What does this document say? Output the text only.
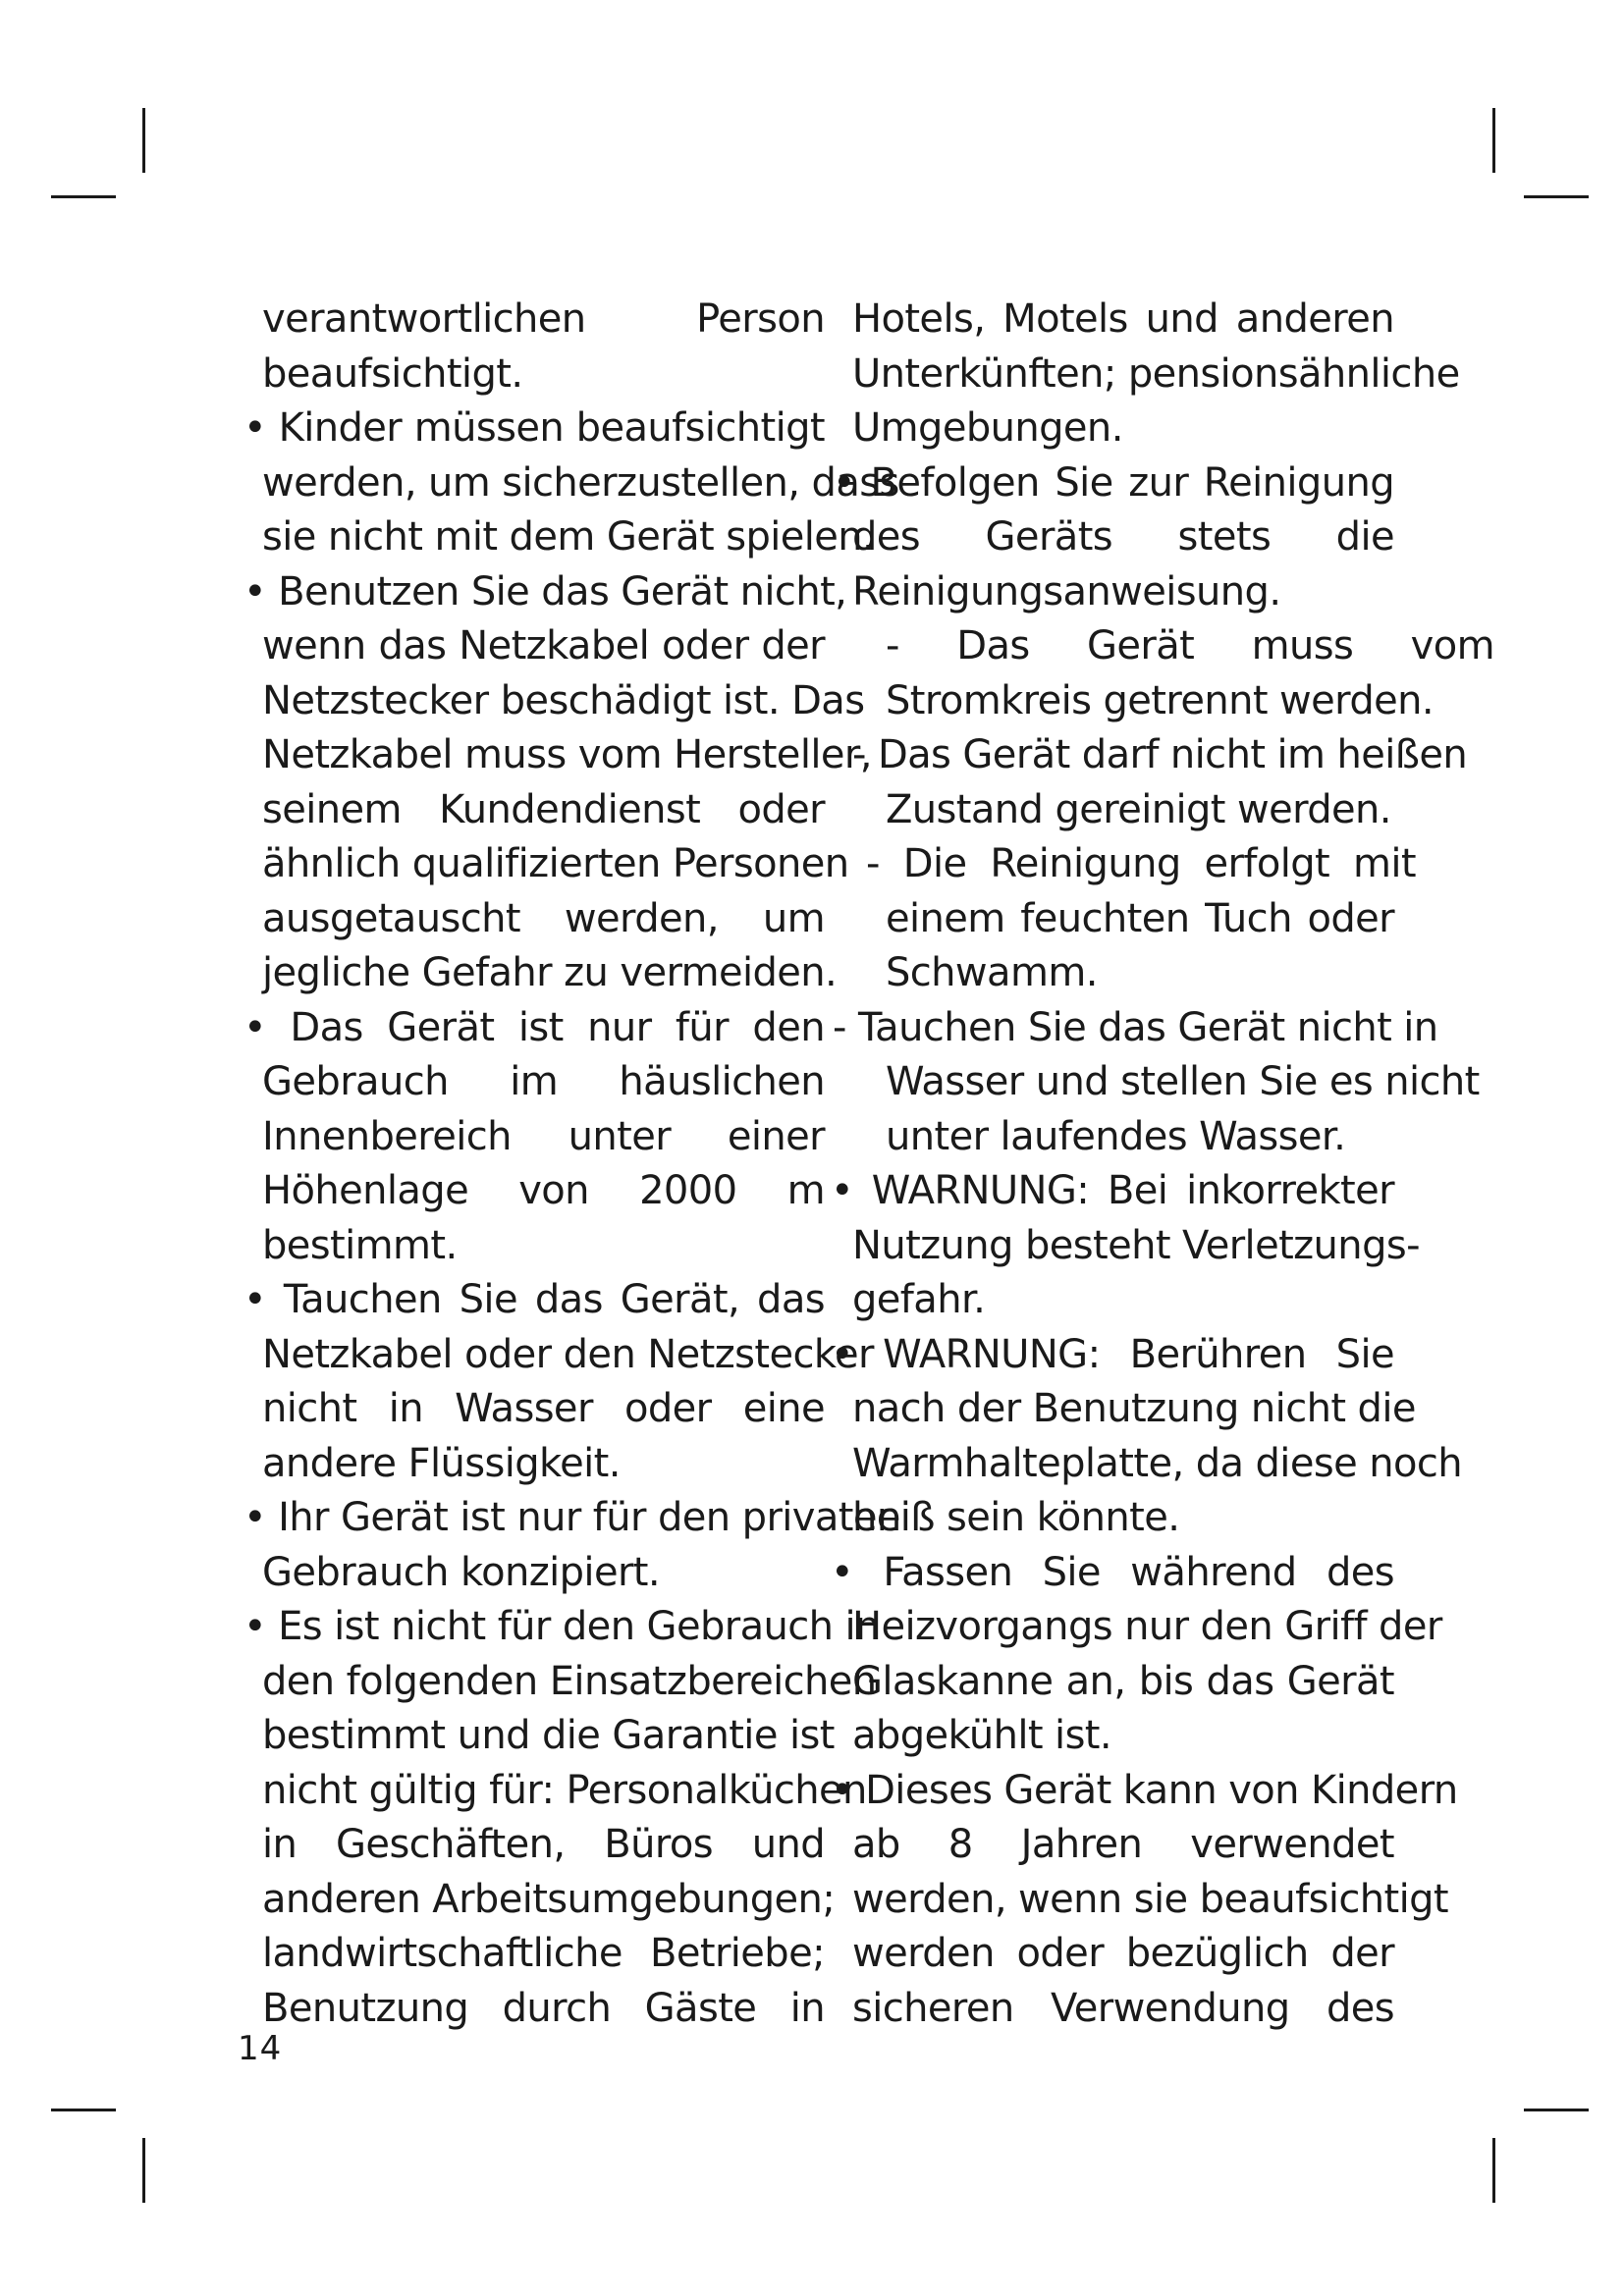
verantwortlichen Person
beaufsichtigt.
• Kinder müssen beaufsichtigt
werden, um sicherzustellen, dass
sie nicht mit dem Gerät spielen.
• Benutzen Sie das Gerät nicht,
wenn das Netzkabel oder der
Netzstecker beschädigt ist. Das
Netzkabel muss vom Hersteller,
seinem Kundendienst oder
ähnlich qualifizierten Personen
ausgetauscht werden, um
jegliche Gefahr zu vermeiden.
• Das Gerät ist nur für den
Gebrauch im häuslichen
Innenbereich unter einer
Höhenlage von 2000 m
bestimmt.
• Tauchen Sie das Gerät, das
Netzkabel oder den Netzstecker
nicht in Wasser oder eine
andere Flüssigkeit.
• Ihr Gerät ist nur für den privaten
Gebrauch konzipiert.
• Es ist nicht für den Gebrauch in
den folgenden Einsatzbereichen
bestimmt und die Garantie ist
nicht gültig für: Personalküchen
in Geschäften, Büros und
anderen Arbeitsumgebungen;
landwirtschaftliche Betriebe;
Benutzung durch Gäste in
Hotels, Motels und anderen
Unterkünften; pensionsähnliche
Umgebungen.
• Befolgen Sie zur Reinigung
des Geräts stets die
Reinigungsanweisung.
- Das Gerät muss vom
Stromkreis getrennt werden.
- Das Gerät darf nicht im heißen
Zustand gereinigt werden.
- Die Reinigung erfolgt mit
einem feuchten Tuch oder
Schwamm.
- Tauchen Sie das Gerät nicht in
Wasser und stellen Sie es nicht
unter laufendes Wasser.
• WARNUNG: Bei inkorrekter
Nutzung besteht Verletzungs-
gefahr.
• WARNUNG: Berühren Sie
nach der Benutzung nicht die
Warmhalteplatte, da diese noch
heiß sein könnte.
• Fassen Sie während des
Heizvorgangs nur den Griff der
Glaskanne an, bis das Gerät
abgekühlt ist.
• Dieses Gerät kann von Kindern
ab 8 Jahren verwendet
werden, wenn sie beaufsichtigt
werden oder bezüglich der
sicheren Verwendung des
14
